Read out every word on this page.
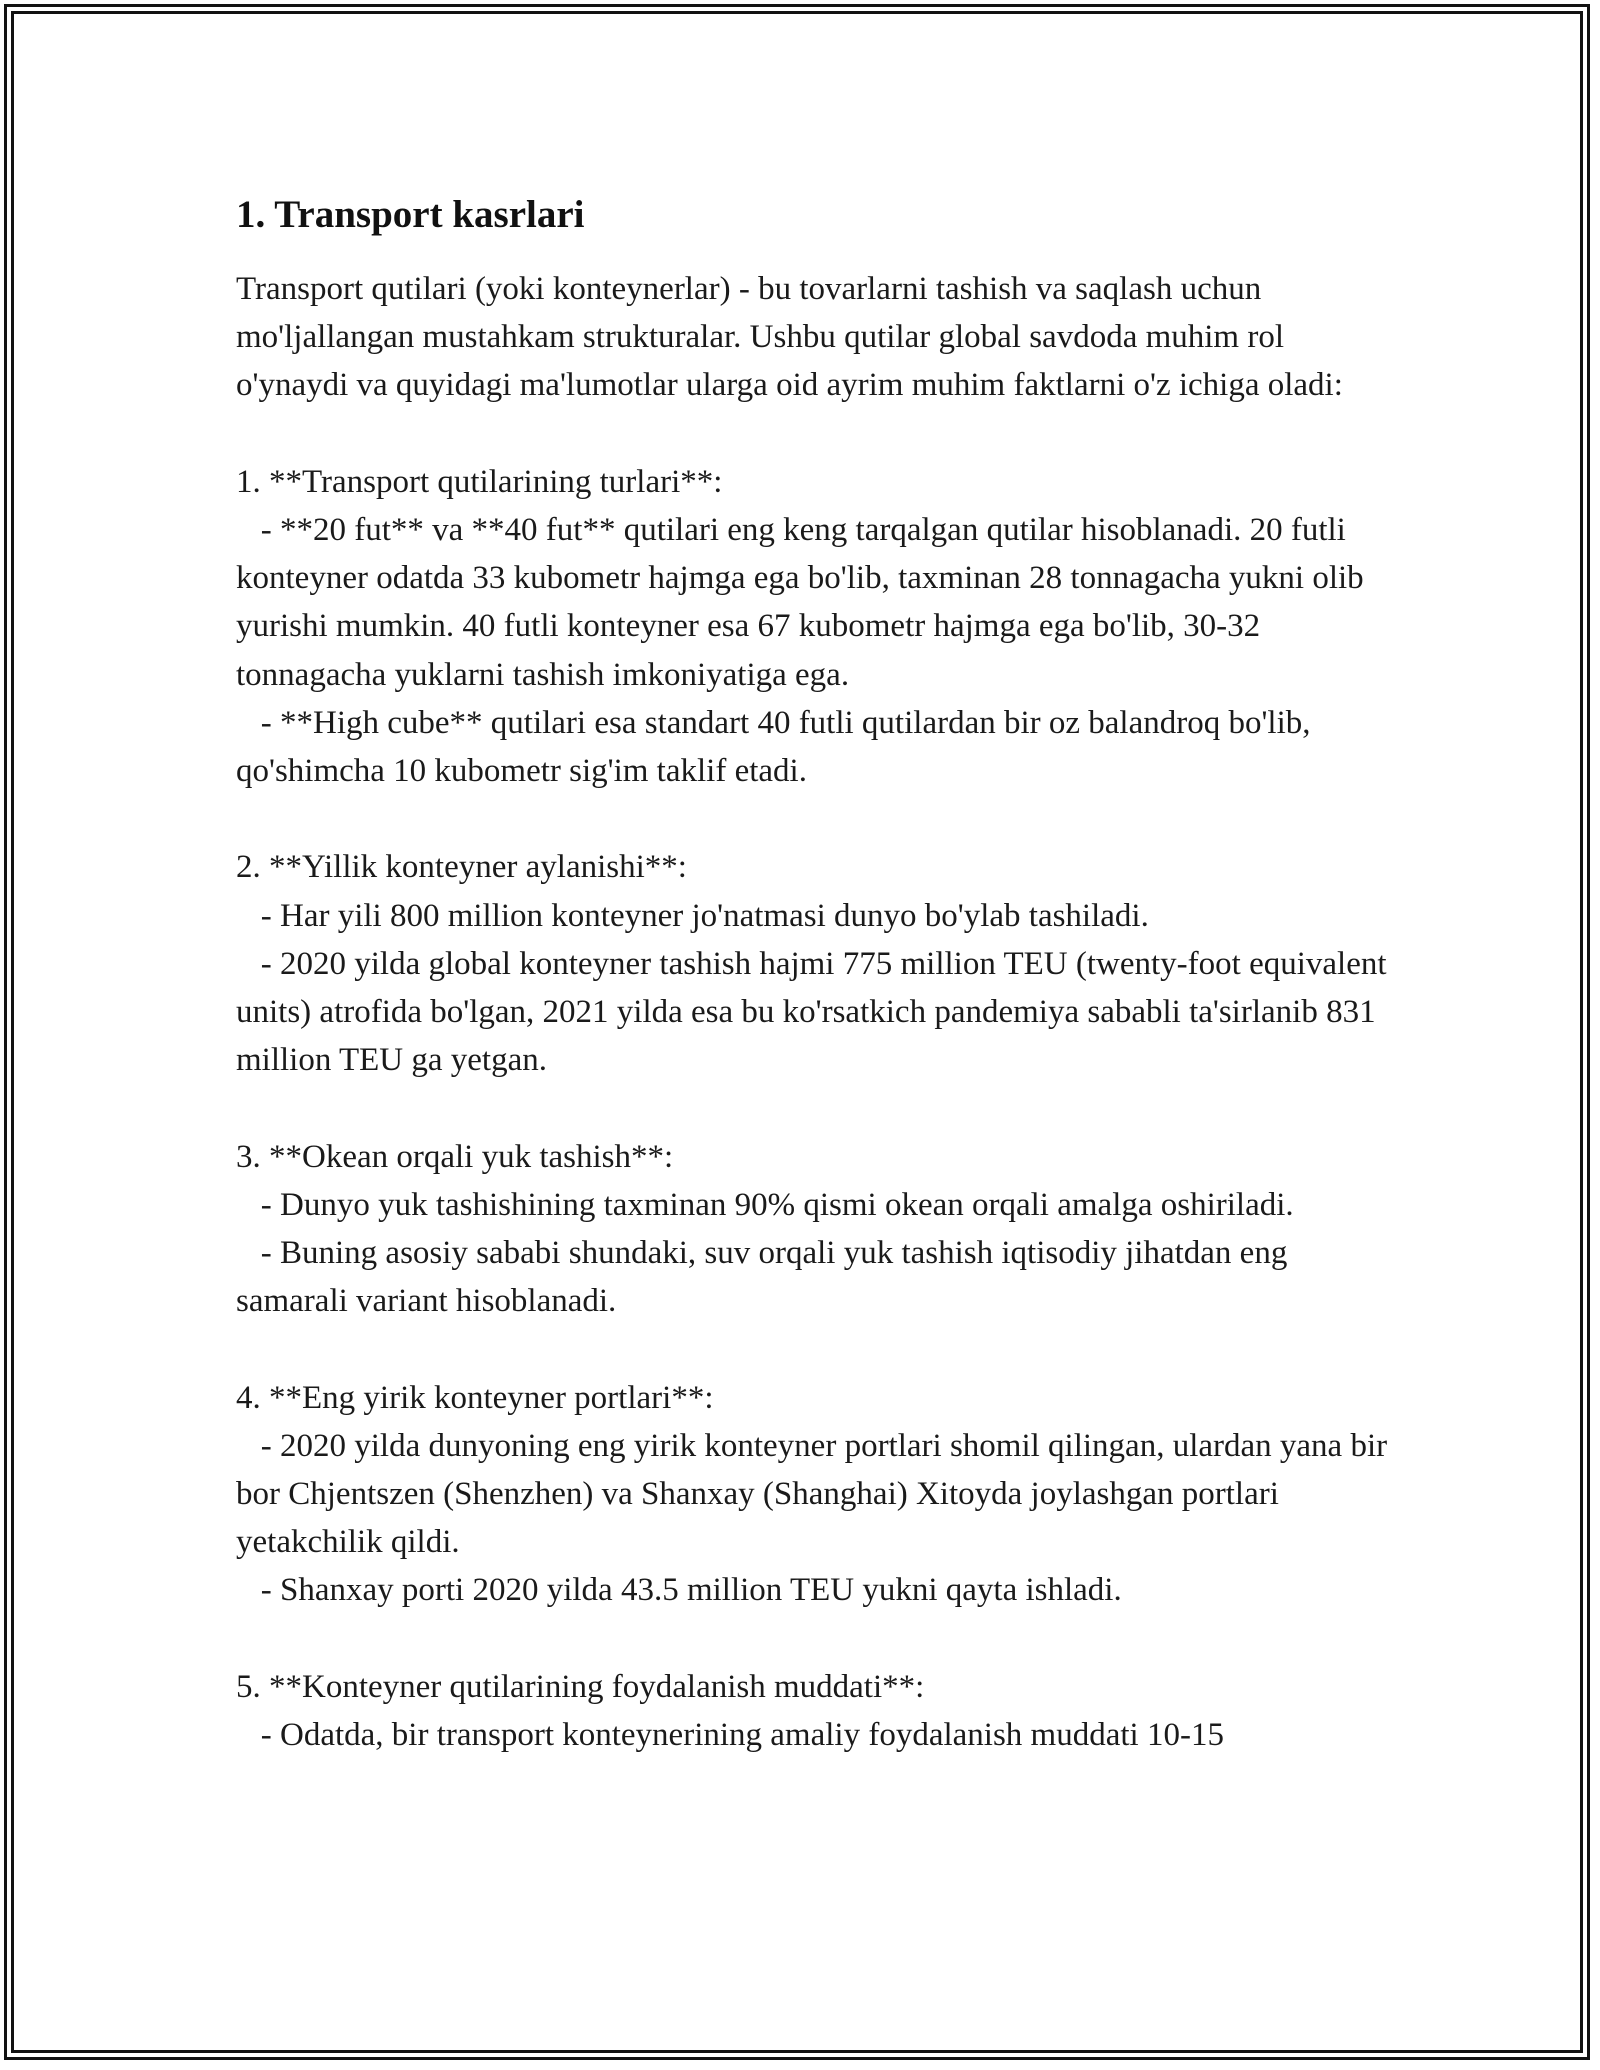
1. Transport kasrlari

Transport qutilari (yoki konteynerlar) - bu tovarlarni tashish va saqlash uchun mo'ljallangan mustahkam strukturalar. Ushbu qutilar global savdoda muhim rol o'ynaydi va quyidagi ma'lumotlar ularga oid ayrim muhim faktlarni o'z ichiga oladi:

1. **Transport qutilarining turlari**:

- **20 fut** va **40 fut** qutilari eng keng tarqalgan qutilar hisoblanadi. 20 futli konteyner odatda 33 kubometr hajmga ega bo'lib, taxminan 28 tonnagacha yukni olib yurishi mumkin. 40 futli konteyner esa 67 kubometr hajmga ega bo'lib, 30-32 tonnagacha yuklarni tashish imkoniyatiga ega.

- **High cube** qutilari esa standart 40 futli qutilardan bir oz balandroq bo'lib, qo'shimcha 10 kubometr sig'im taklif etadi.

2. **Yillik konteyner aylanishi**:

- Har yili 800 million konteyner jo'natmasi dunyo bo'ylab tashiladi.

- 2020 yilda global konteyner tashish hajmi 775 million TEU (twenty-foot equivalent units) atrofida bo'lgan, 2021 yilda esa bu ko'rsatkich pandemiya sababli ta'sirlanib 831 million TEU ga yetgan.

3. **Okean orqali yuk tashish**:

- Dunyo yuk tashishining taxminan 90% qismi okean orqali amalga oshiriladi.

- Buning asosiy sababi shundaki, suv orqali yuk tashish iqtisodiy jihatdan eng samarali variant hisoblanadi.

4. **Eng yirik konteyner portlari**:

- 2020 yilda dunyoning eng yirik konteyner portlari shomil qilingan, ulardan yana bir bor Chjentszen (Shenzhen) va Shanxay (Shanghai) Xitoyda joylashgan portlari yetakchilik qildi.

- Shanxay porti 2020 yilda 43.5 million TEU yukni qayta ishladi.

5. **Konteyner qutilarining foydalanish muddati**:

- Odatda, bir transport konteynerining amaliy foydalanish muddati 10-15
